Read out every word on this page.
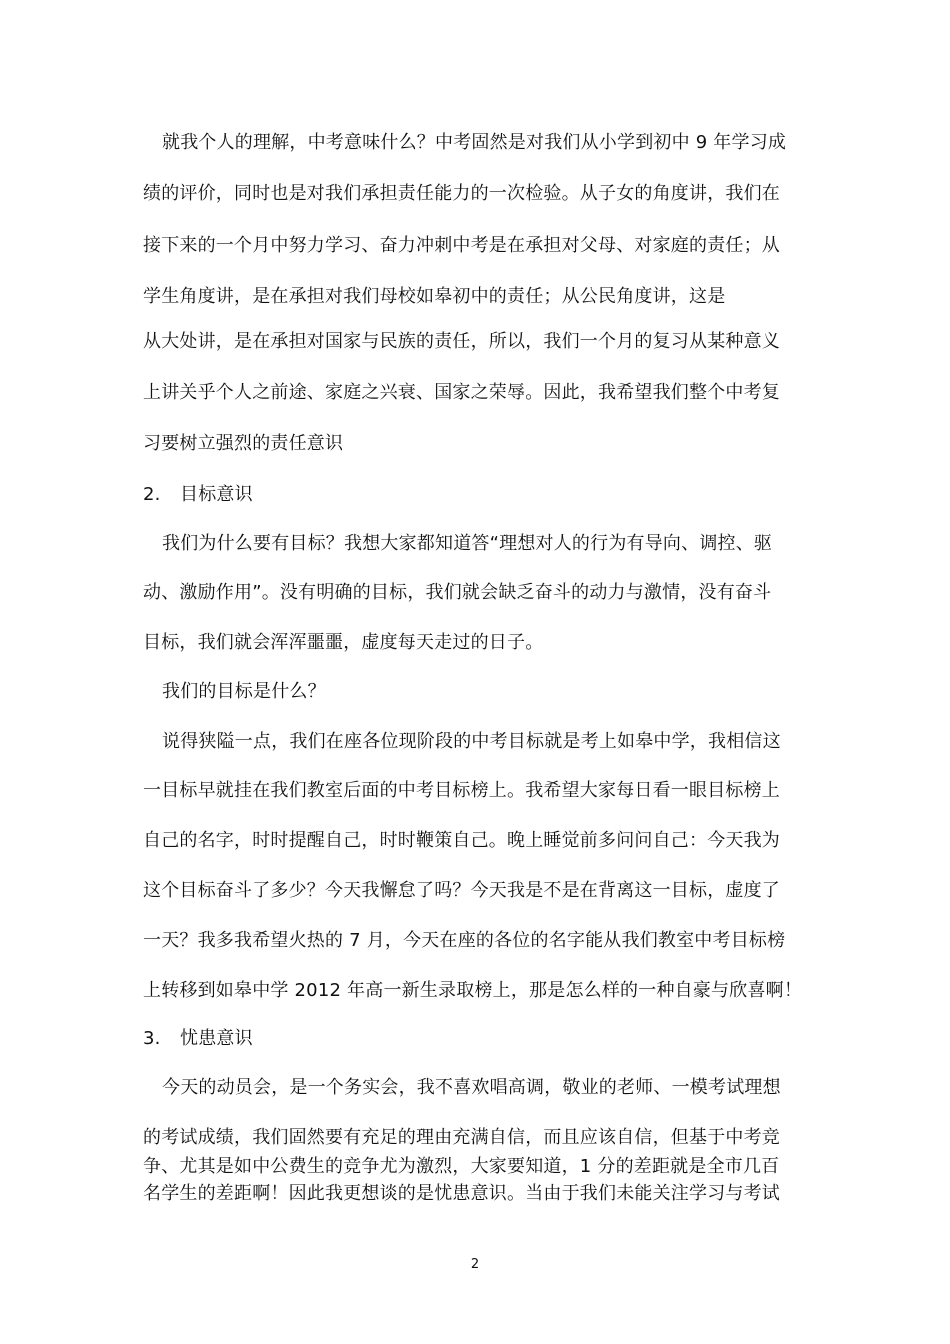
就我个人的理解，中考意味什么？中考固然是对我们从小学到初中 9 年学习成
绩的评价，同时也是对我们承担责任能力的一次检验。从子女的角度讲，我们在
接下来的一个月中努力学习、奋力冲刺中考是在承担对父母、对家庭的责任；从
学生角度讲，是在承担对我们母校如皋初中的责任；从公民角度讲，这是
从大处讲，是在承担对国家与民族的责任，所以，我们一个月的复习从某种意义
上讲关乎个人之前途、家庭之兴衰、国家之荣辱。因此，我希望我们整个中考复
习要树立强烈的责任意识
2. 目标意识
我们为什么要有目标？我想大家都知道答“理想对人的行为有导向、调控、驱
动、激励作用”。没有明确的目标，我们就会缺乏奋斗的动力与激情，没有奋斗
目标，我们就会浑浑噩噩，虚度每天走过的日子。
我们的目标是什么？
说得狭隘一点，我们在座各位现阶段的中考目标就是考上如皋中学，我相信这
一目标早就挂在我们教室后面的中考目标榜上。我希望大家每日看一眼目标榜上
自己的名字，时时提醒自己，时时鞭策自己。晚上睡觉前多问问自己：今天我为
这个目标奋斗了多少？今天我懈怠了吗？今天我是不是在背离这一目标，虚度了
一天？我多我希望火热的 7 月，今天在座的各位的名字能从我们教室中考目标榜
上转移到如皋中学 2012 年高一新生录取榜上，那是怎么样的一种自豪与欣喜啊！
3. 忧患意识
今天的动员会，是一个务实会，我不喜欢唱高调，敬业的老师、一模考试理想
的考试成绩，我们固然要有充足的理由充满自信，而且应该自信，但基于中考竞
争、尤其是如中公费生的竞争尤为激烈，大家要知道，1 分的差距就是全市几百
名学生的差距啊！因此我更想谈的是忧患意识。当由于我们未能关注学习与考试
2
